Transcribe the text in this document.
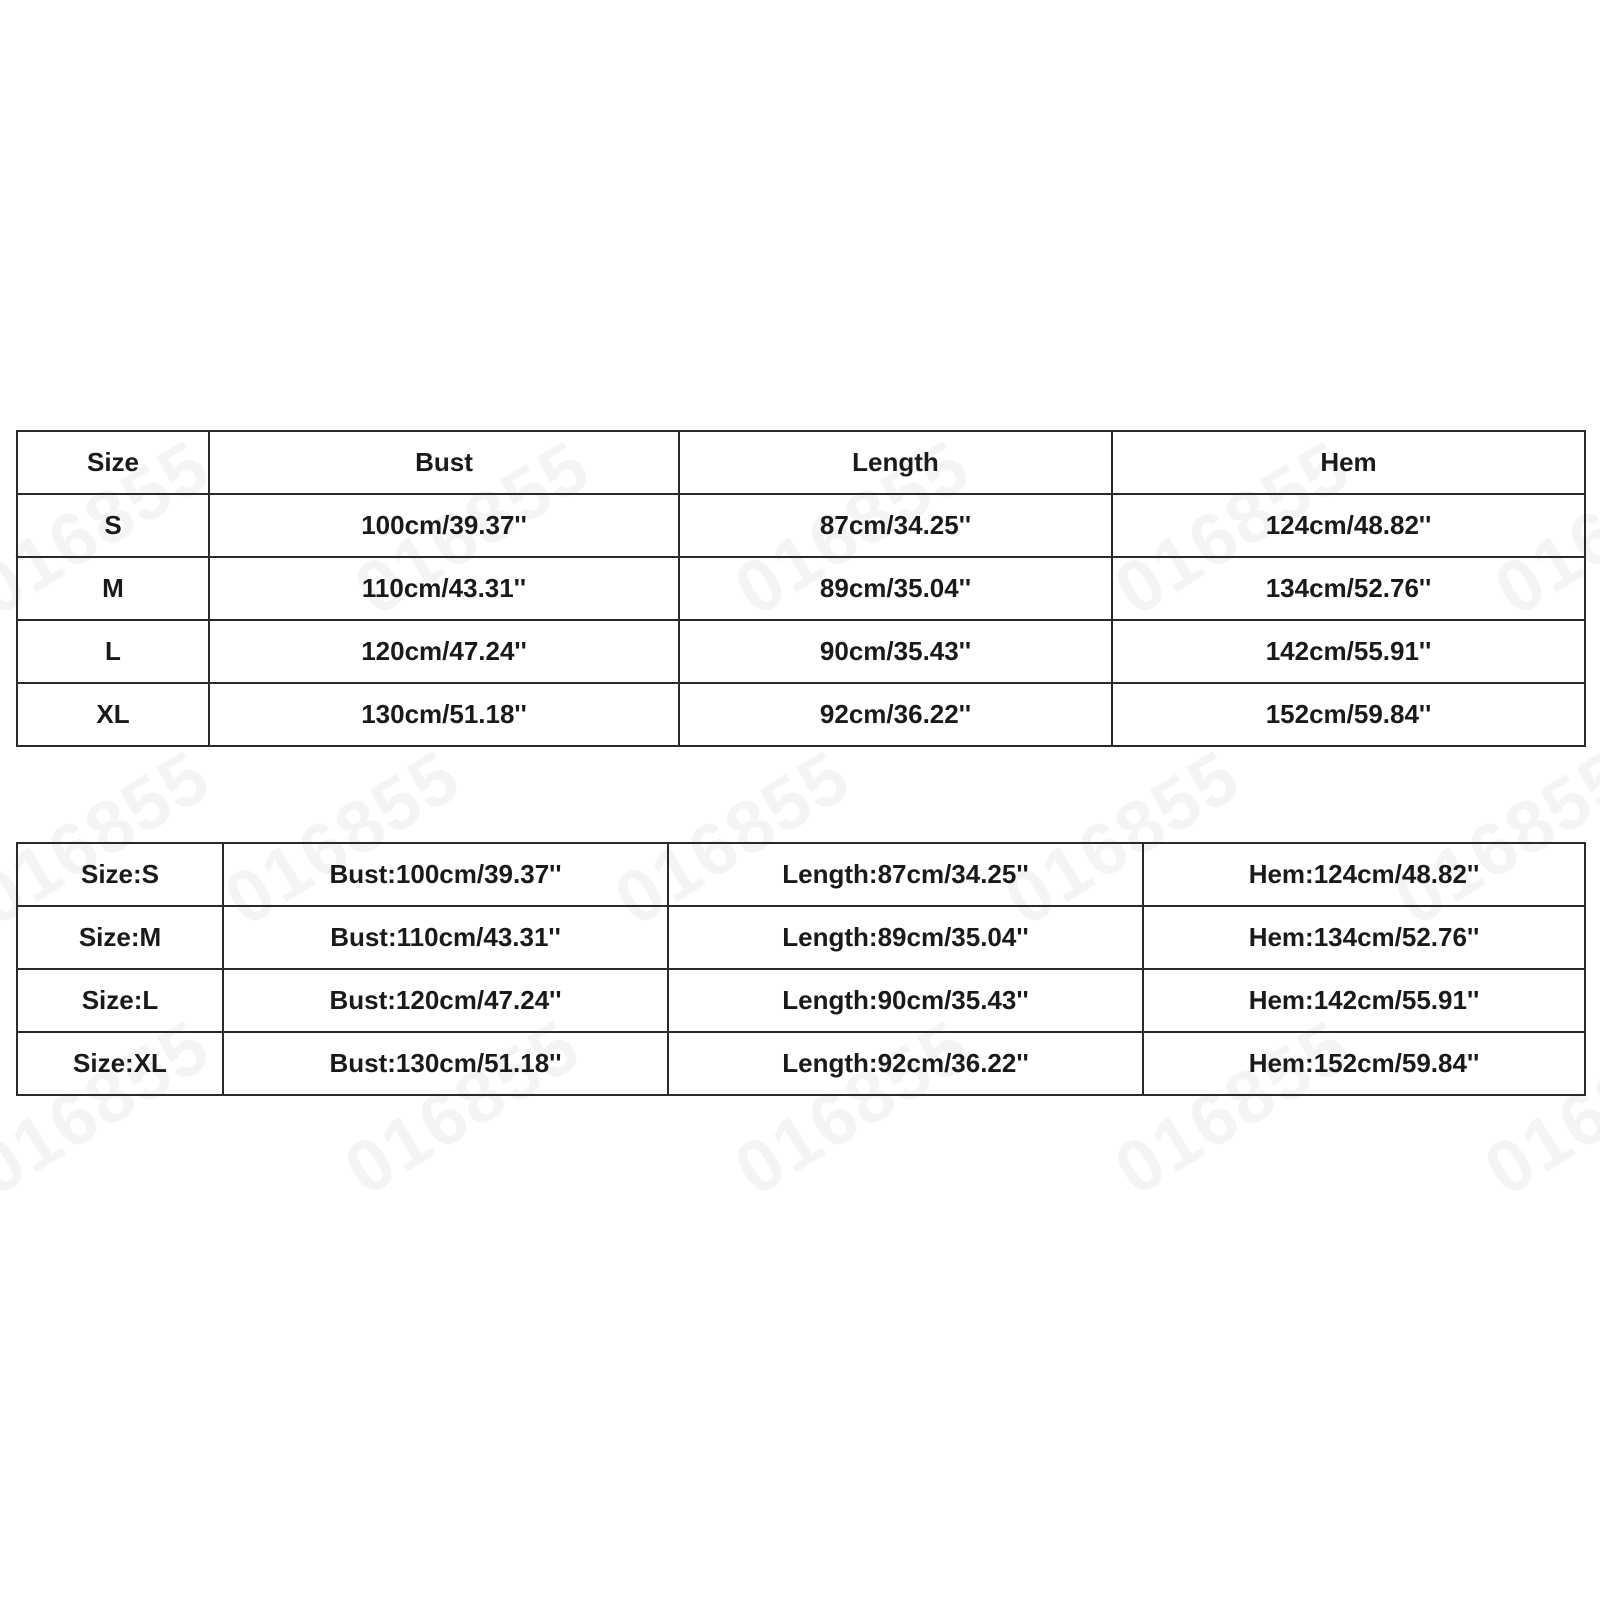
Size	Bust	Length	Hem
S	100cm/39.37''	87cm/34.25''	124cm/48.82''
M	110cm/43.31''	89cm/35.04''	134cm/52.76''
L	120cm/47.24''	90cm/35.43''	142cm/55.91''
XL	130cm/51.18''	92cm/36.22''	152cm/59.84''
Size:S	Bust:100cm/39.37''	Length:87cm/34.25''	Hem:124cm/48.82''
Size:M	Bust:110cm/43.31''	Length:89cm/35.04''	Hem:134cm/52.76''
Size:L	Bust:120cm/47.24''	Length:90cm/35.43''	Hem:142cm/55.91''
Size:XL	Bust:130cm/51.18''	Length:92cm/36.22''	Hem:152cm/59.84''
